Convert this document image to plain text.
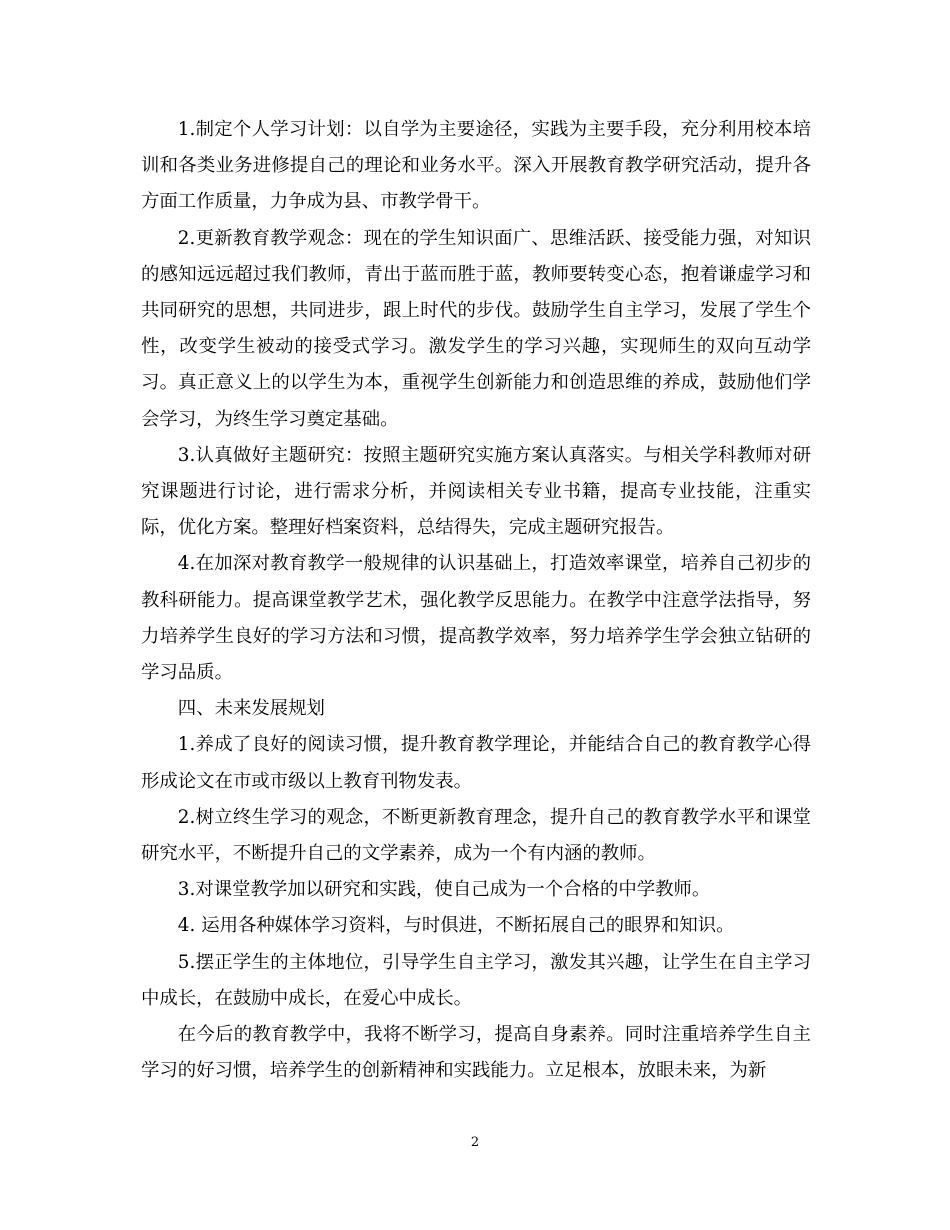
1.制定个人学习计划：以自学为主要途径，实践为主要手段，充分利用校本培训和各类业务进修提自己的理论和业务水平。深入开展教育教学研究活动，提升各方面工作质量，力争成为县、市教学骨干。

2.更新教育教学观念：现在的学生知识面广、思维活跃、接受能力强，对知识的感知远远超过我们教师，青出于蓝而胜于蓝，教师要转变心态，抱着谦虚学习和共同研究的思想，共同进步，跟上时代的步伐。鼓励学生自主学习，发展了学生个性，改变学生被动的接受式学习。激发学生的学习兴趣，实现师生的双向互动学习。真正意义上的以学生为本，重视学生创新能力和创造思维的养成，鼓励他们学会学习，为终生学习奠定基础。

3.认真做好主题研究：按照主题研究实施方案认真落实。与相关学科教师对研究课题进行讨论，进行需求分析，并阅读相关专业书籍，提高专业技能，注重实际，优化方案。整理好档案资料，总结得失，完成主题研究报告。

4.在加深对教育教学一般规律的认识基础上，打造效率课堂，培养自己初步的教科研能力。提高课堂教学艺术，强化教学反思能力。在教学中注意学法指导，努力培养学生良好的学习方法和习惯，提高教学效率，努力培养学生学会独立钻研的学习品质。

四、未来发展规划

1.养成了良好的阅读习惯，提升教育教学理论，并能结合自己的教育教学心得形成论文在市或市级以上教育刊物发表。

2.树立终生学习的观念，不断更新教育理念，提升自己的教育教学水平和课堂研究水平，不断提升自己的文学素养，成为一个有内涵的教师。

3.对课堂教学加以研究和实践，使自己成为一个合格的中学教师。

4. 运用各种媒体学习资料，与时俱进，不断拓展自己的眼界和知识。

5.摆正学生的主体地位，引导学生自主学习，激发其兴趣，让学生在自主学习中成长，在鼓励中成长，在爱心中成长。

在今后的教育教学中，我将不断学习，提高自身素养。同时注重培养学生自主学习的好习惯，培养学生的创新精神和实践能力。立足根本，放眼未来，为新

2
